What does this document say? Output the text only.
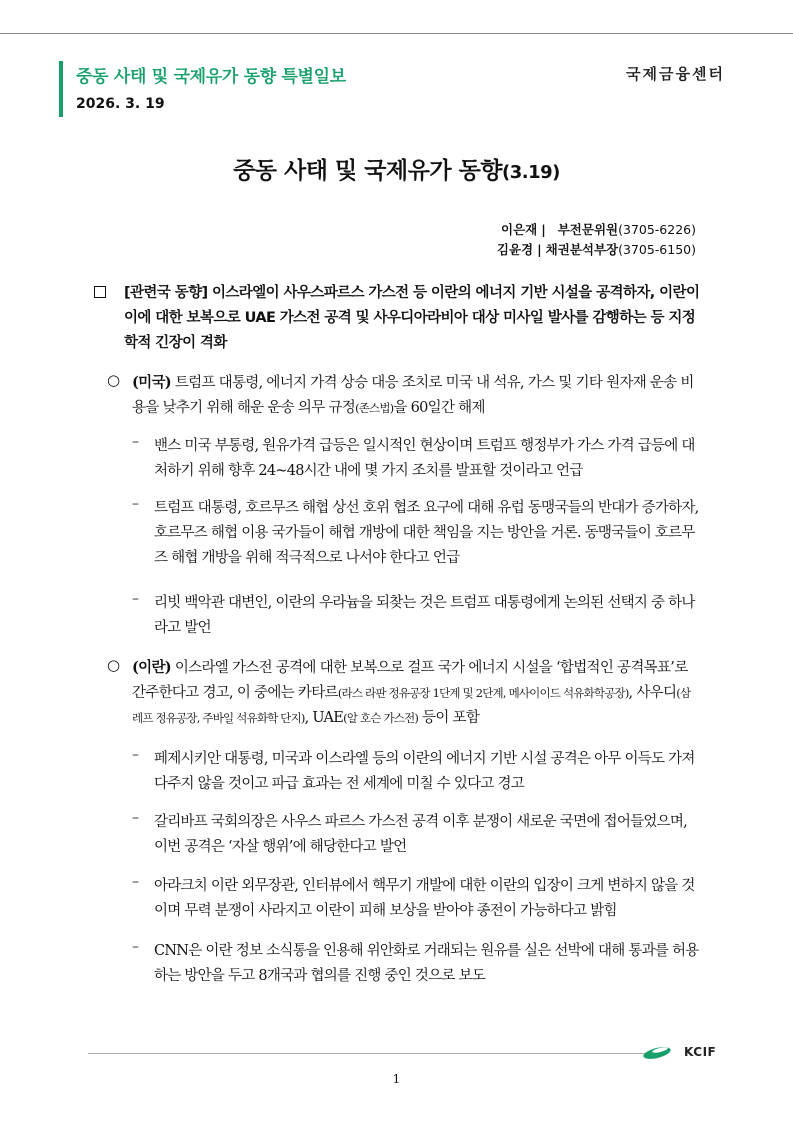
중동 사태 및 국제유가 동향 특별일보
2026. 3. 19
국제금융센터
중동 사태 및 국제유가 동향(3.19)
이은재 | 부전문위원(3705-6226)
김윤경 | 채권분석부장(3705-6150)
[관련국 동향] 이스라엘이 사우스파르스 가스전 등 이란의 에너지 기반 시설을 공격하자, 이란이 이에 대한 보복으로 UAE 가스전 공격 및 사우디아라비아 대상 미사일 발사를 감행하는 등 지정학적 긴장이 격화
○ (미국) 트럼프 대통령, 에너지 가격 상승 대응 조치로 미국 내 석유, 가스 및 기타 원자재 운송 비용을 낮추기 위해 해운 운송 의무 규정(존스법)을 60일간 해제
– 밴스 미국 부통령, 원유가격 급등은 일시적인 현상이며 트럼프 행정부가 가스 가격 급등에 대처하기 위해 향후 24~48시간 내에 몇 가지 조치를 발표할 것이라고 언급
– 트럼프 대통령, 호르무즈 해협 상선 호위 협조 요구에 대해 유럽 동맹국들의 반대가 증가하자, 호르무즈 해협 이용 국가들이 해협 개방에 대한 책임을 지는 방안을 거론. 동맹국들이 호르무즈 해협 개방을 위해 적극적으로 나서야 한다고 언급
– 리빗 백악관 대변인, 이란의 우라늄을 되찾는 것은 트럼프 대통령에게 논의된 선택지 중 하나라고 발언
○ (이란) 이스라엘 가스전 공격에 대한 보복으로 걸프 국가 에너지 시설을 ‘합법적인 공격목표’로 간주한다고 경고, 이 중에는 카타르(라스 라판 정유공장 1단계 및 2단계, 메사이이드 석유화학공장), 사우디(삼레프 정유공장, 주바일 석유화학 단지), UAE(알 호슨 가스전) 등이 포함
– 페제시키안 대통령, 미국과 이스라엘 등의 이란의 에너지 기반 시설 공격은 아무 이득도 가져다주지 않을 것이고 파급 효과는 전 세계에 미칠 수 있다고 경고
– 갈리바프 국회의장은 사우스 파르스 가스전 공격 이후 분쟁이 새로운 국면에 접어들었으며, 이번 공격은 ‘자살 행위’에 해당한다고 발언
– 아라크치 이란 외무장관, 인터뷰에서 핵무기 개발에 대한 이란의 입장이 크게 변하지 않을 것이며 무력 분쟁이 사라지고 이란이 피해 보상을 받아야 종전이 가능하다고 밝힘
– CNN은 이란 정보 소식통을 인용해 위안화로 거래되는 원유를 실은 선박에 대해 통과를 허용하는 방안을 두고 8개국과 협의를 진행 중인 것으로 보도
KCIF
1
